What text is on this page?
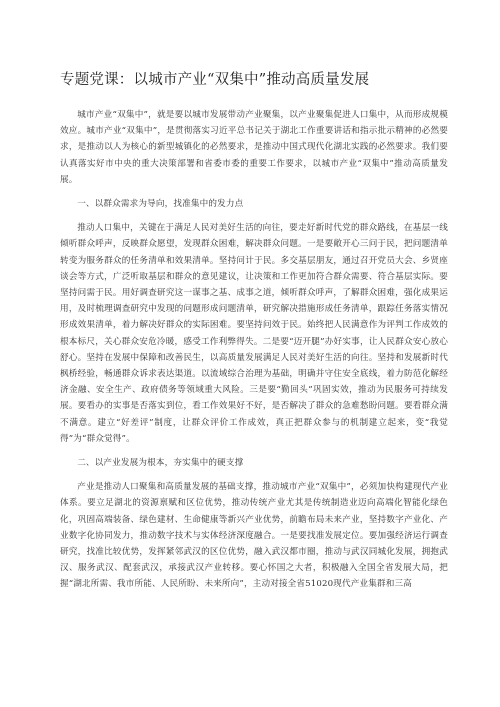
专题党课：以城市产业“双集中”推动高质量发展

城市产业“双集中”，就是要以城市发展带动产业聚集，以产业聚集促进人口集中，从而形成规模效应。城市产业“双集中”，是贯彻落实习近平总书记关于湖北工作重要讲话和指示批示精神的必然要求，是推动以人为核心的新型城镇化的必然要求，是推动中国式现代化湖北实践的必然要求。我们要认真落实好市中央的重大决策部署和省委市委的重要工作要求，以城市产业“双集中”推动高质量发展。

一、以群众需求为导向，找准集中的发力点

推动人口集中，关键在于满足人民对美好生活的向往，要走好新时代党的群众路线，在基层一线倾听群众呼声，反映群众愿望，发现群众困难，解决群众问题。一是要敞开心三问于民，把问题清单转变为服务群众的任务清单和效果清单。坚持问计于民。多交基层朋友，通过召开党员大会、乡贤座谈会等方式，广泛听取基层和群众的意见建议，让决策和工作更加符合群众需要、符合基层实际。要坚持问需于民。用好调查研究这一谋事之基、成事之道，倾听群众呼声，了解群众困难，强化成果运用，及时梳理调查研究中发现的问题形成问题清单，研究解决措施形成任务清单，跟踪任务落实情况形成效果清单，着力解决好群众的实际困难。要坚持问效于民。始终把人民满意作为评判工作成效的根本标尺，关心群众安危冷暖，感受工作利弊得失。二是要“迈开腿”办好实事，让人民群众安心放心舒心。坚持在发展中保障和改善民生，以高质量发展满足人民对美好生活的向往。坚持和发展新时代枫桥经验，畅通群众诉求表达渠道。以流域综合治理为基础，明确并守住安全底线，着力防范化解经济金融、安全生产、政府债务等领域重大风险。三是要“勤回头”巩固实效，推动为民服务可持续发展。要看办的实事是否落实到位，看工作效果好不好，是否解决了群众的急难愁盼问题。要看群众满不满意。建立“好差评”制度，让群众评价工作成效，真正把群众参与的机制建立起来，变“我觉得”为“群众觉得”。

二、以产业发展为根本，夯实集中的硬支撑

产业是推动人口聚集和高质量发展的基础支撑，推动城市产业“双集中”，必须加快构建现代产业体系。要立足湖北的资源禀赋和区位优势，推动传统产业尤其是传统制造业迈向高端化智能化绿色化，巩固高端装备、绿色建材、生命健康等新兴产业优势，前瞻布局未来产业，坚持数字产业化、产业数字化协同发力，推动数字技术与实体经济深度融合。一是要找准发展定位。要加强经济运行调查研究，找准比较优势，发挥紧邻武汉的区位优势，融入武汉都市圈，推动与武汉同城化发展，拥抱武汉、服务武汉、配套武汉，承接武汉产业转移。要心怀国之大者，积极融入全国全省发展大局，把握“湖北所需、我市所能、人民所盼、未来所向”，主动对接全省51020现代产业集群和三高
